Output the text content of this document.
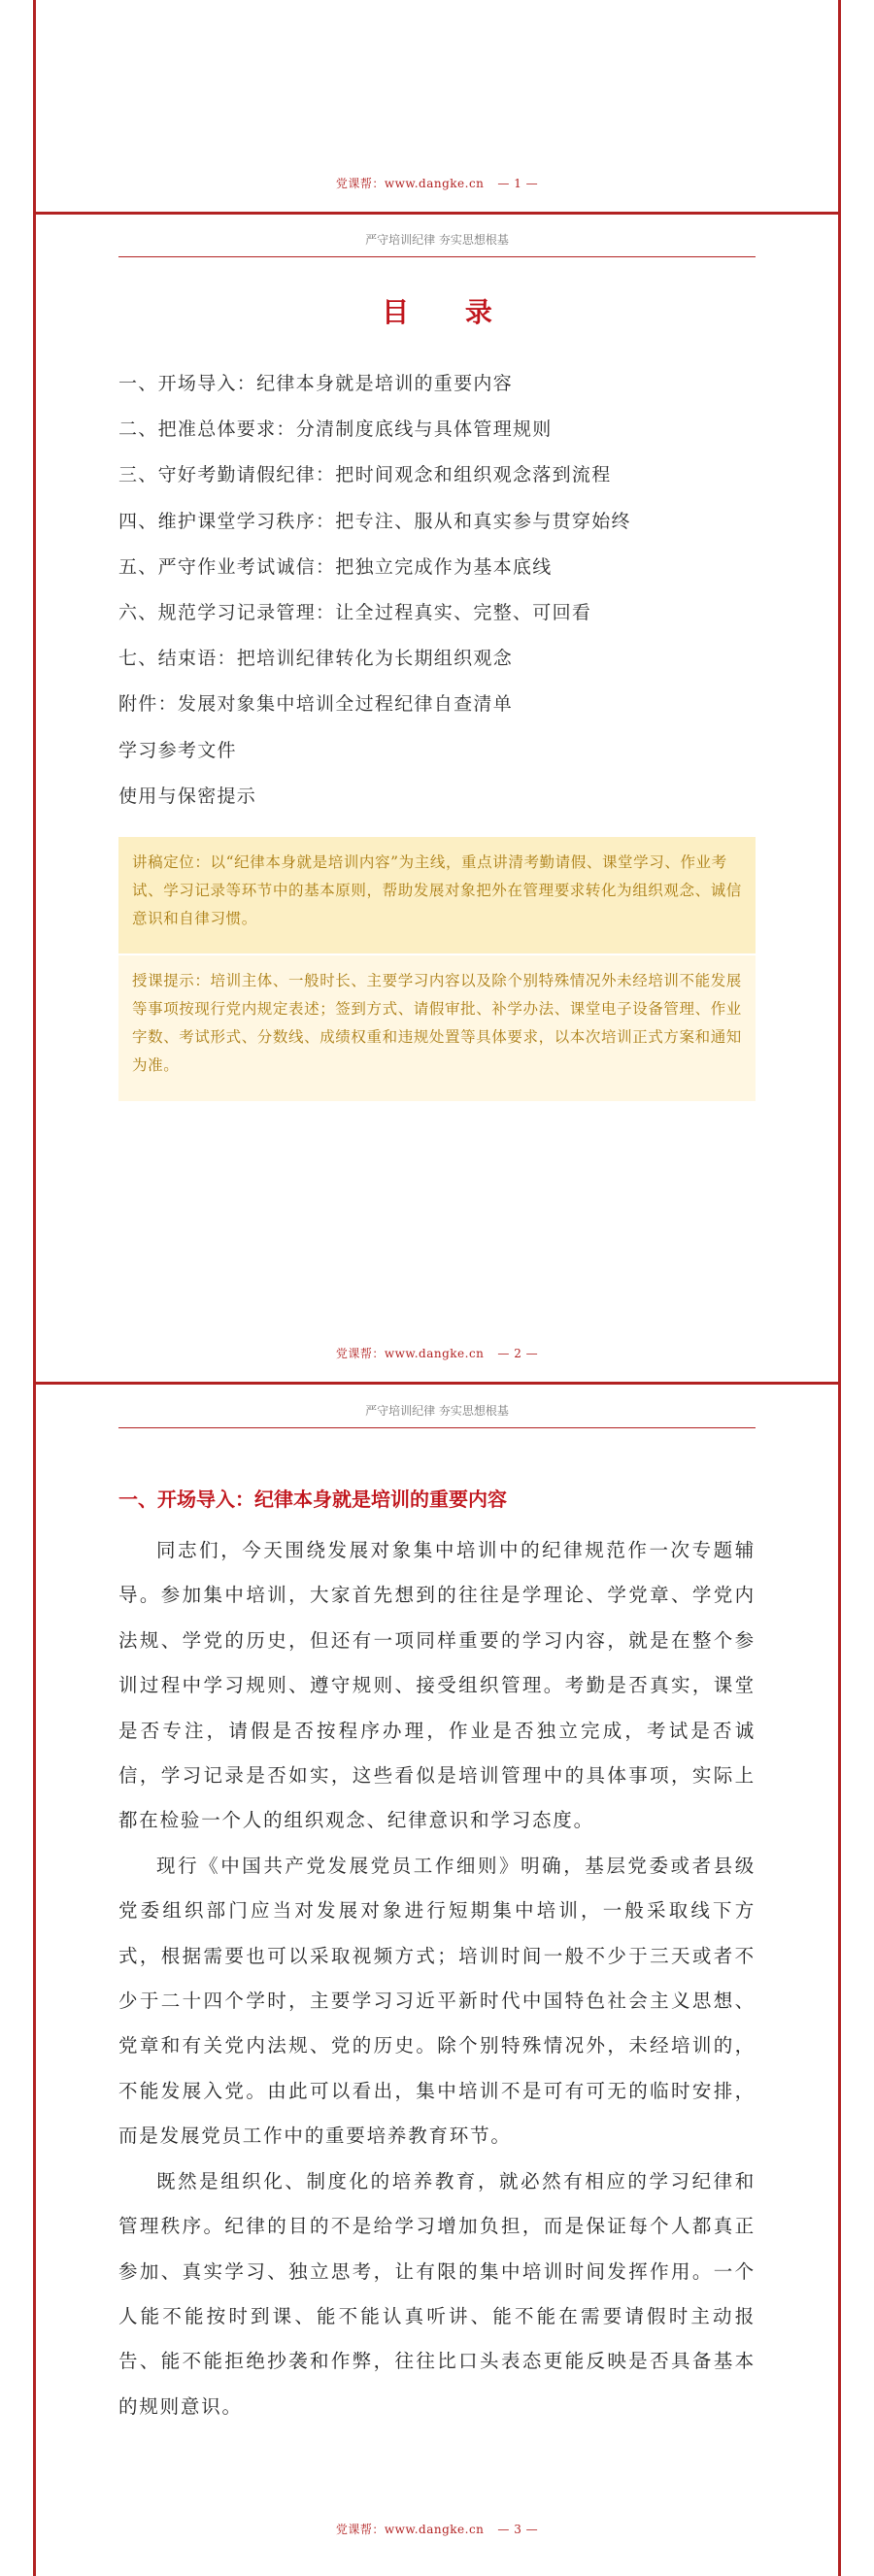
党课帮：www.dangke.cn — 1 —
严守培训纪律 夯实思想根基
目 录
一、开场导入：纪律本身就是培训的重要内容
二、把准总体要求：分清制度底线与具体管理规则
三、守好考勤请假纪律：把时间观念和组织观念落到流程
四、维护课堂学习秩序：把专注、服从和真实参与贯穿始终
五、严守作业考试诚信：把独立完成作为基本底线
六、规范学习记录管理：让全过程真实、完整、可回看
七、结束语：把培训纪律转化为长期组织观念
附件：发展对象集中培训全过程纪律自查清单
学习参考文件
使用与保密提示
讲稿定位：以“纪律本身就是培训内容”为主线，重点讲清考勤请假、课堂学习、作业考试、学习记录等环节中的基本原则，帮助发展对象把外在管理要求转化为组织观念、诚信意识和自律习惯。
授课提示：培训主体、一般时长、主要学习内容以及除个别特殊情况外未经培训不能发展等事项按现行党内规定表述；签到方式、请假审批、补学办法、课堂电子设备管理、作业字数、考试形式、分数线、成绩权重和违规处置等具体要求，以本次培训正式方案和通知为准。
党课帮：www.dangke.cn — 2 —
严守培训纪律 夯实思想根基
一、开场导入：纪律本身就是培训的重要内容

同志们，今天围绕发展对象集中培训中的纪律规范作一次专题辅导。参加集中培训，大家首先想到的往往是学理论、学党章、学党内法规、学党的历史，但还有一项同样重要的学习内容，就是在整个参训过程中学习规则、遵守规则、接受组织管理。考勤是否真实，课堂是否专注，请假是否按程序办理，作业是否独立完成，考试是否诚信，学习记录是否如实，这些看似是培训管理中的具体事项，实际上都在检验一个人的组织观念、纪律意识和学习态度。

现行《中国共产党发展党员工作细则》明确，基层党委或者县级党委组织部门应当对发展对象进行短期集中培训，一般采取线下方式，根据需要也可以采取视频方式；培训时间一般不少于三天或者不少于二十四个学时，主要学习习近平新时代中国特色社会主义思想、党章和有关党内法规、党的历史。除个别特殊情况外，未经培训的，不能发展入党。由此可以看出，集中培训不是可有可无的临时安排，而是发展党员工作中的重要培养教育环节。

既然是组织化、制度化的培养教育，就必然有相应的学习纪律和管理秩序。纪律的目的不是给学习增加负担，而是保证每个人都真正参加、真实学习、独立思考，让有限的集中培训时间发挥作用。一个人能不能按时到课、能不能认真听讲、能不能在需要请假时主动报告、能不能拒绝抄袭和作弊，往往比口头表态更能反映是否具备基本的规则意识。

党课帮：www.dangke.cn — 3 —
